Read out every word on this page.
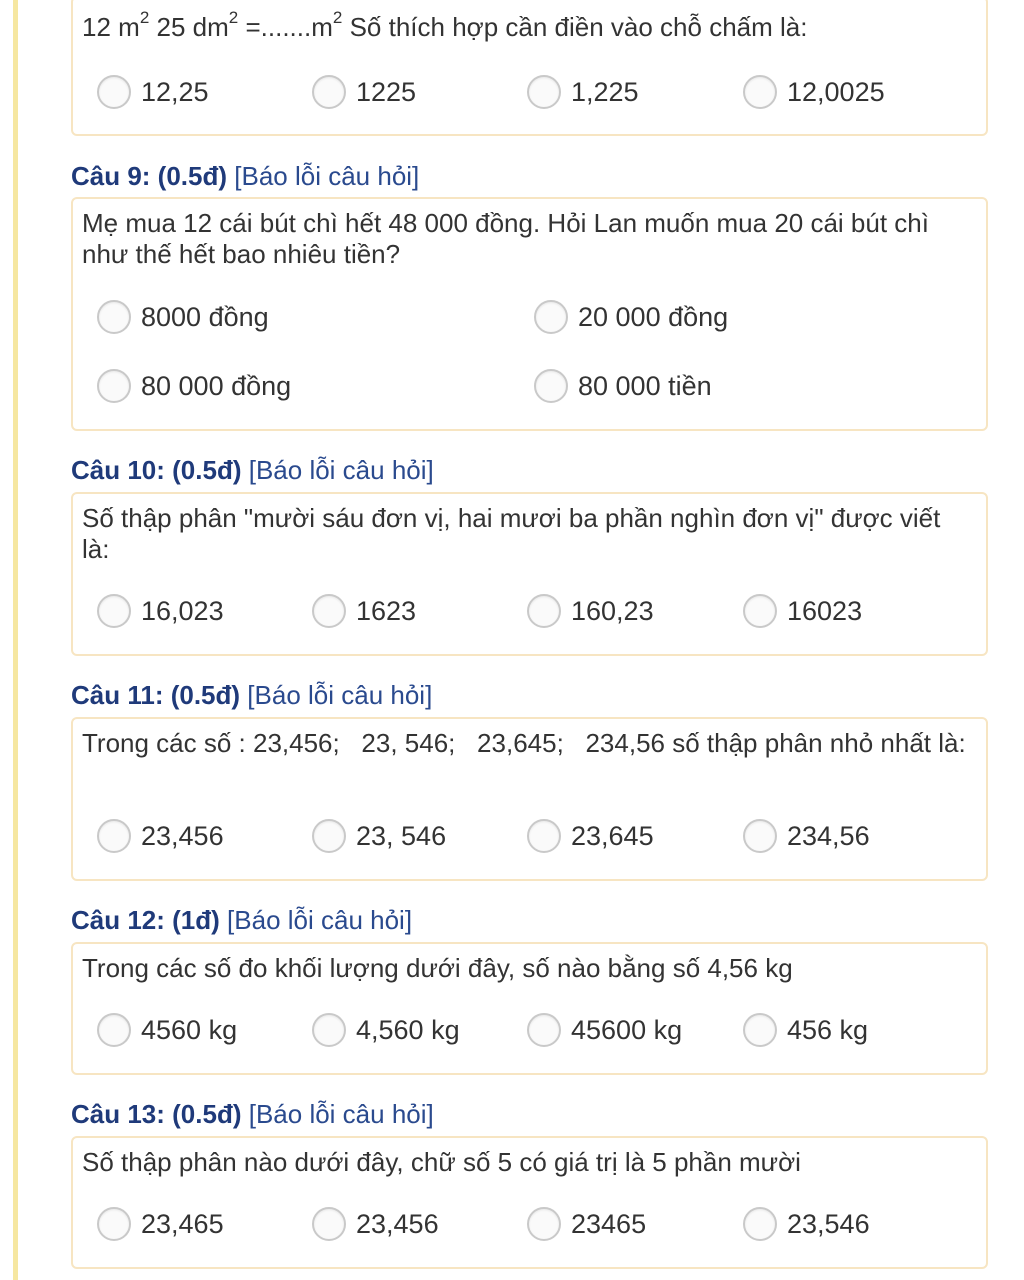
12 $m^2$ 25 $dm^2 =.......m^2$ Số thích hợp cần điền vào chỗ chấm là:
12,25	1225	1,225	12,0025
Câu 9: (0.5đ) [Báo lỗi câu hỏi]
Mẹ mua 12 cái bút chì hết 48 000 đồng. Hỏi Lan muốn mua 20 cái bút chì như thế hết bao nhiêu tiền?
8000 đồng	20 000 đồng
80 000 đồng	80 000 tiền
Câu 10: (0.5đ) [Báo lỗi câu hỏi]
Số thập phân "mười sáu đơn vị, hai mươi ba phần nghìn đơn vị" được viết là:
16,023	1623	160,23	16023
Câu 11: (0.5đ) [Báo lỗi câu hỏi]
Trong các số : 23,456;   23, 546;   23,645;   234,56 số thập phân nhỏ nhất là:
23,456	23, 546	23,645	234,56
Câu 12: (1đ) [Báo lỗi câu hỏi]
Trong các số đo khối lượng dưới đây, số nào bằng số 4,56 kg
4560 kg	4,560 kg	45600 kg	456 kg
Câu 13: (0.5đ) [Báo lỗi câu hỏi]
Số thập phân nào dưới đây, chữ số 5 có giá trị là 5 phần mười
23,465	23,456	23465	23,546
